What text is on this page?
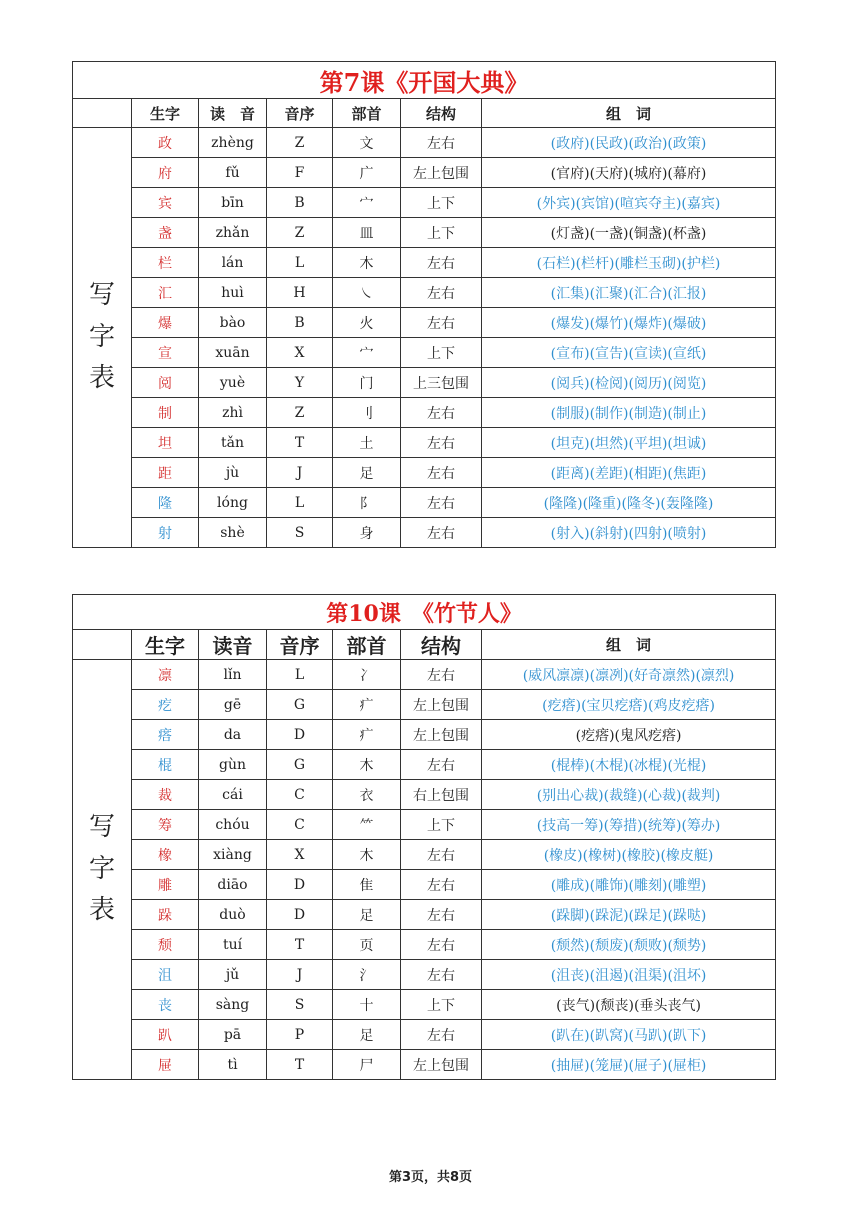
第7课《开国大典》						
	生字	读　音	音序	部首	结构	组　词

写
字
表	政	zhèng	Z	文	左右	(政府)(民政)(政治)(政策)
	府	fǔ	F	广	左上包围	(官府)(天府)(城府)(幕府)
	宾	bīn	B	宀	上下	(外宾)(宾馆)(喧宾夺主)(嘉宾)
	盏	zhǎn	Z	皿	上下	(灯盏)(一盏)(铜盏)(杯盏)
	栏	lán	L	木	左右	(石栏)(栏杆)(雕栏玉砌)(护栏)
	汇	huì	H	㇏	左右	(汇集)(汇聚)(汇合)(汇报)
	爆	bào	B	火	左右	(爆发)(爆竹)(爆炸)(爆破)
	宣	xuān	X	宀	上下	(宣布)(宣告)(宣读)(宣纸)
	阅	yuè	Y	门	上三包围	(阅兵)(检阅)(阅历)(阅览)
	制	zhì	Z	刂	左右	(制服)(制作)(制造)(制止)
	坦	tǎn	T	土	左右	(坦克)(坦然)(平坦)(坦诚)
	距	jù	J	足	左右	(距离)(差距)(相距)(焦距)
	隆	lóng	L	阝	左右	(隆隆)(隆重)(隆冬)(轰隆隆)
	射	shè	S	身	左右	(射入)(斜射)(四射)(喷射)
第10课　《竹节人》						
	生字	读音	音序	部首	结构	组　词

写
字
表	凛	lǐn	L	冫	左右	(威风凛凛)(凛冽)(好奇凛然)(凛烈)
	疙	gē	G	疒	左上包围	(疙瘩)(宝贝疙瘩)(鸡皮疙瘩)
	瘩	da	D	疒	左上包围	(疙瘩)(鬼风疙瘩)
	棍	gùn	G	木	左右	(棍棒)(木棍)(冰棍)(光棍)
	裁	cái	C	衣	右上包围	(别出心裁)(裁缝)(心裁)(裁判)
	筹	chóu	C	⺮	上下	(技高一筹)(筹措)(统筹)(筹办)
	橡	xiàng	X	木	左右	(橡皮)(橡树)(橡胶)(橡皮艇)
	雕	diāo	D	隹	左右	(雕成)(雕饰)(雕刻)(雕塑)
	跺	duò	D	足	左右	(跺脚)(跺泥)(跺足)(跺哒)
	颓	tuí	T	页	左右	(颓然)(颓废)(颓败)(颓势)
	沮	jǔ	J	氵	左右	(沮丧)(沮遏)(沮渠)(沮坏)
	丧	sàng	S	十	上下	(丧气)(颓丧)(垂头丧气)
	趴	pā	P	足	左右	(趴在)(趴窝)(马趴)(趴下)
	屉	tì	T	尸	左上包围	(抽屉)(笼屉)(屉子)(屉柜)
第3页，共8页
